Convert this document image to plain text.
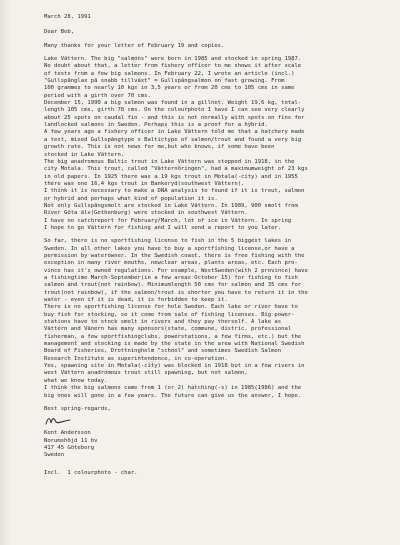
March 28, 1991
Dear Bob,
Many thanks for your letter of February 19 and copies.
Lake Vättern. The big "salmons" were born in 1985 and stocked in spring 1987.
No doubt about that, a letter from fishery officer to me shows it after scale
of tests from a few big salmons. In February 22, I wrote an article (incl.)
"Gullspånglax på snabb tillväxt" = Gullspångsalmon on fast growing. From
100 grammes to nearly 10 kgs in 3,5 years or from 20 cms to 105 cms in same
period with a girth over 70 cms.
December 15, 1990 a big salmon was found in a gillnet. Weight 19,6 kg, total-
length 105 cms, girth 78 cms. On the colourphoto I have I can see very clearly
about 25 spots on caudal fin - and this is not normally with spots on fins for
landlocked salmons in Sweden. Perhaps this is a proof for a hybrid.
A few years ago a fishery officer in Lake Vättern told me that a hatchery made
a test, mixed Gullspångtype x Baltictype of salmon/trout and found a very big
growth rate. This is not news for me,but who knows, if some have been
stocked in Lake Vättern.
The big anadromous Baltic trout in Lake Vättern was stopped in 1918, in the
city Motala. This trout, called "Vätternöringen", had a maximumweight of 23 kgs
in old papers. In 1925 there was a 19 kgs trout in Motala(-city) and in 1955
there was one 16,4 kgs trout in Bankeryd(southwest Vättern).
I think it is necessary to make a DNA analysis to found if it is trout, salmon
or hybrid and perhaps what kind of population it is.
Not only Gullspångsmolt are stocked in Lake Vättern. In 1989, 900 smolt from
River Göta älv(Gothenburg) were stocked in southwest Vättern.
I have no catchreport for February/March, lot of ice in Vättern. In spring
I hope to go Vättern for fishing and I will send a report to you later.
So far, there is no sportfishing license to fish in the 5 biggest lakes in
Sweden. In all other lakes you have to buy a sportfishing license,or have a
permission by waterowner. In the Swedish coast, there is free fishing with the
exception in many river mouths, newclear areas, plants areas, etc. Each pro-
vince has it's owned regulations. For example, WestSweden(with 2 province) have
a fishingtime March-September(in a few areas October 15) for fishing to fish
salmon and trout(not rainbow). Minimumlength 50 cms for salmon and 35 cms for
trout(not rainbow), if the salmon/trout is shorter you have to return it in the
water - even if it is dead, it is forbidden to keep it.
There is no sportfishing license for hole Sweden. Each lake or river have to
buy fish for stocking, so it come from sale of fishing licenses. Big power-
stations have to stock smolt in rivers and they pay therself. A lake as
Vättern and Vänern has many sponsors(state, commune, distric, professional
fisherman, a few sportfishingclubs, powerstations, a few firms, etc.) but the
management and stocking is made by the state in the area with National Swedish
Board of Fisheries, Drottningholm "school" and sometimes Swedish Salmon
Research Institute as superintendence, in co-operation.
Yes, spawning site in Motala(-city) was blocked in 1918 but in a few rivers in
west Vättern anadromous trout still spawning, but not salmon,
what we know today.
I think the big salmons came from 1 (or 2) hatching(-s) in 1985(1986) and the
big ones will gone in a few years. The future can give us the answer, I hope.
Best spring-regards,
Kent Andersson
Norumshöjd 11 bv
417 45 Göteborg
Sweden
Incl.  1 colourphoto - char.
